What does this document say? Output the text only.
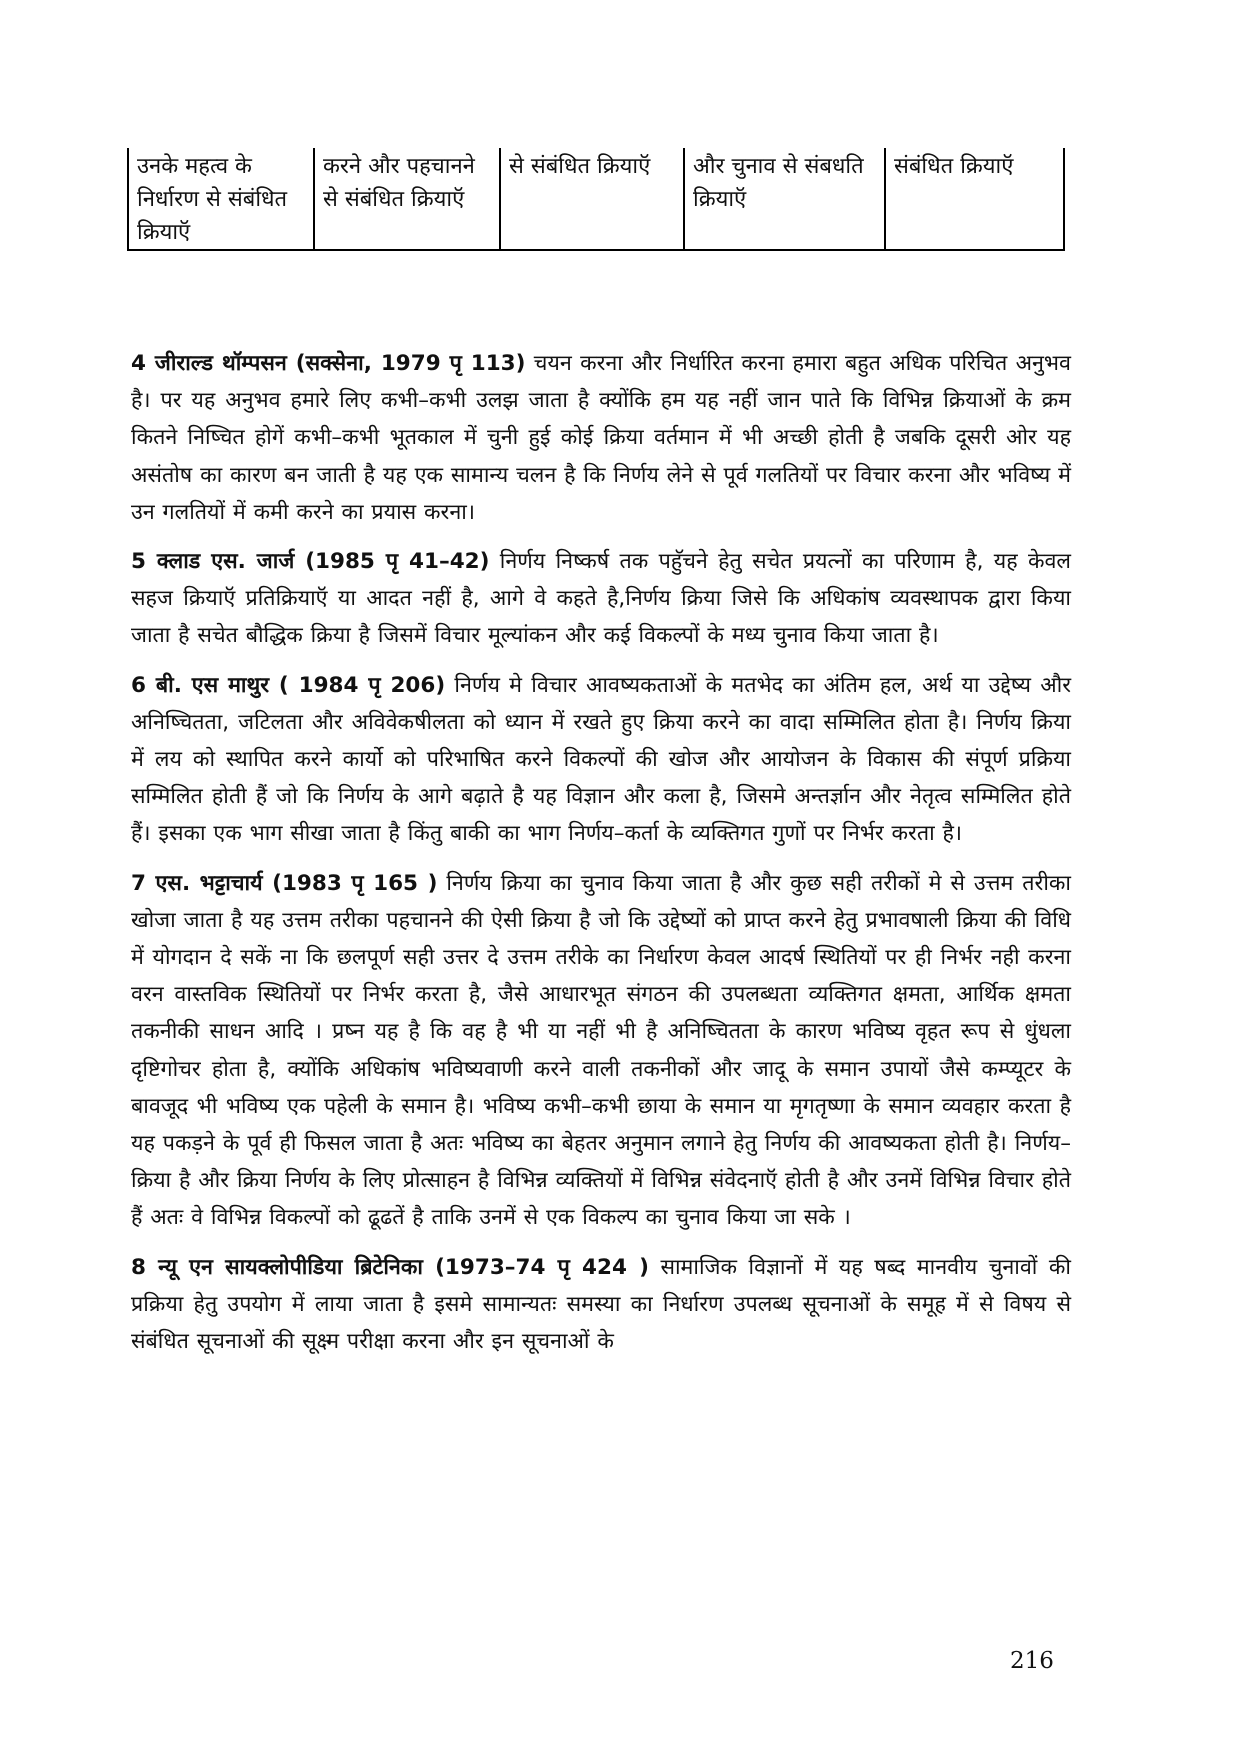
उनके महत्व के निर्धारण से संबंधित क्रियाऍ	करने और पहचानने से संबंधित क्रियाऍ	से संबंधित क्रियाऍ	और चुनाव से संबधति क्रियाऍ	संबंधित क्रियाऍ

4 जीराल्ड थॉम्पसन (सक्सेना, 1979 पृ 113) चयन करना और निर्धारित करना हमारा बहुत अधिक परिचित अनुभव है। पर यह अनुभव हमारे लिए कभी–कभी उलझ जाता है क्योंकि हम यह नहीं जान पाते कि विभिन्न क्रियाओं के क्रम कितने निष्चित होगें कभी–कभी भूतकाल में चुनी हुई कोई क्रिया वर्तमान में भी अच्छी होती है जबकि दूसरी ओर यह असंतोष का कारण बन जाती है यह एक सामान्य चलन है कि निर्णय लेने से पूर्व गलतियों पर विचार करना और भविष्य में उन गलतियों में कमी करने का प्रयास करना।

5 क्लाड एस. जार्ज (1985 पृ 41–42) निर्णय निष्कर्ष तक पहुॅचने हेतु सचेत प्रयत्नों का परिणाम है, यह केवल सहज क्रियाऍ प्रतिक्रियाऍ या आदत नहीं है, आगे वे कहते है,निर्णय क्रिया जिसे कि अधिकांष व्यवस्थापक द्वारा किया जाता है सचेत बौद्धिक क्रिया है जिसमें विचार मूल्यांकन और कई विकल्पों के मध्य चुनाव किया जाता है।

6 बी. एस माथुर ( 1984 पृ 206) निर्णय मे विचार आवष्यकताओं के मतभेद का अंतिम हल, अर्थ या उद्देष्य और अनिष्चितता, जटिलता और अविवेकषीलता को ध्यान में रखते हुए क्रिया करने का वादा सम्मिलित होता है। निर्णय क्रिया में लय को स्थापित करने कार्यो को परिभाषित करने विकल्पों की खोज और आयोजन के विकास की संपूर्ण प्रक्रिया सम्मिलित होती हैं जो कि निर्णय के आगे बढ़ाते है यह विज्ञान और कला है, जिसमे अन्तर्ज्ञान और नेतृत्व सम्मिलित होते हैं। इसका एक भाग सीखा जाता है किंतु बाकी का भाग निर्णय–कर्ता के व्यक्तिगत गुणों पर निर्भर करता है।

7 एस. भट्टाचार्य (1983 पृ 165 ) निर्णय क्रिया का चुनाव किया जाता है और कुछ सही तरीकों मे से उत्तम तरीका खोजा जाता है यह उत्तम तरीका पहचानने की ऐसी क्रिया है जो कि उद्देष्यों को प्राप्त करने हेतु प्रभावषाली क्रिया की विधि में योगदान दे सकें ना कि छलपूर्ण सही उत्तर दे उत्तम तरीके का निर्धारण केवल आदर्ष स्थितियों पर ही निर्भर नही करना वरन वास्तविक स्थितियों पर निर्भर करता है, जैसे आधारभूत संगठन की उपलब्धता व्यक्तिगत क्षमता, आर्थिक क्षमता तकनीकी साधन आदि । प्रष्न यह है कि वह है भी या नहीं भी है अनिष्चितता के कारण भविष्य वृहत रूप से धुंधला दृष्टिगोचर होता है, क्योंकि अधिकांष भविष्यवाणी करने वाली तकनीकों और जादू के समान उपायों जैसे कम्प्यूटर के बावजूद भी भविष्य एक पहेली के समान है। भविष्य कभी–कभी छाया के समान या मृगतृष्णा के समान व्यवहार करता है यह पकड़ने के पूर्व ही फिसल जाता है अतः भविष्य का बेहतर अनुमान लगाने हेतु निर्णय की आवष्यकता होती है। निर्णय–क्रिया है और क्रिया निर्णय के लिए प्रोत्साहन है विभिन्न व्यक्तियों में विभिन्न संवेदनाऍ होती है और उनमें विभिन्न विचार होते हैं अतः वे विभिन्न विकल्पों को ढूढतें है ताकि उनमें से एक विकल्प का चुनाव किया जा सके ।

8 न्यू एन सायक्लोपीडिया ब्रिटेनिका (1973–74 पृ 424 ) सामाजिक विज्ञानों में यह षब्द मानवीय चुनावों की प्रक्रिया हेतु उपयोग में लाया जाता है इसमे सामान्यतः समस्या का निर्धारण उपलब्ध सूचनाओं के समूह में से विषय से संबंधित सूचनाओं की सूक्ष्म परीक्षा करना और इन सूचनाओं के

216
